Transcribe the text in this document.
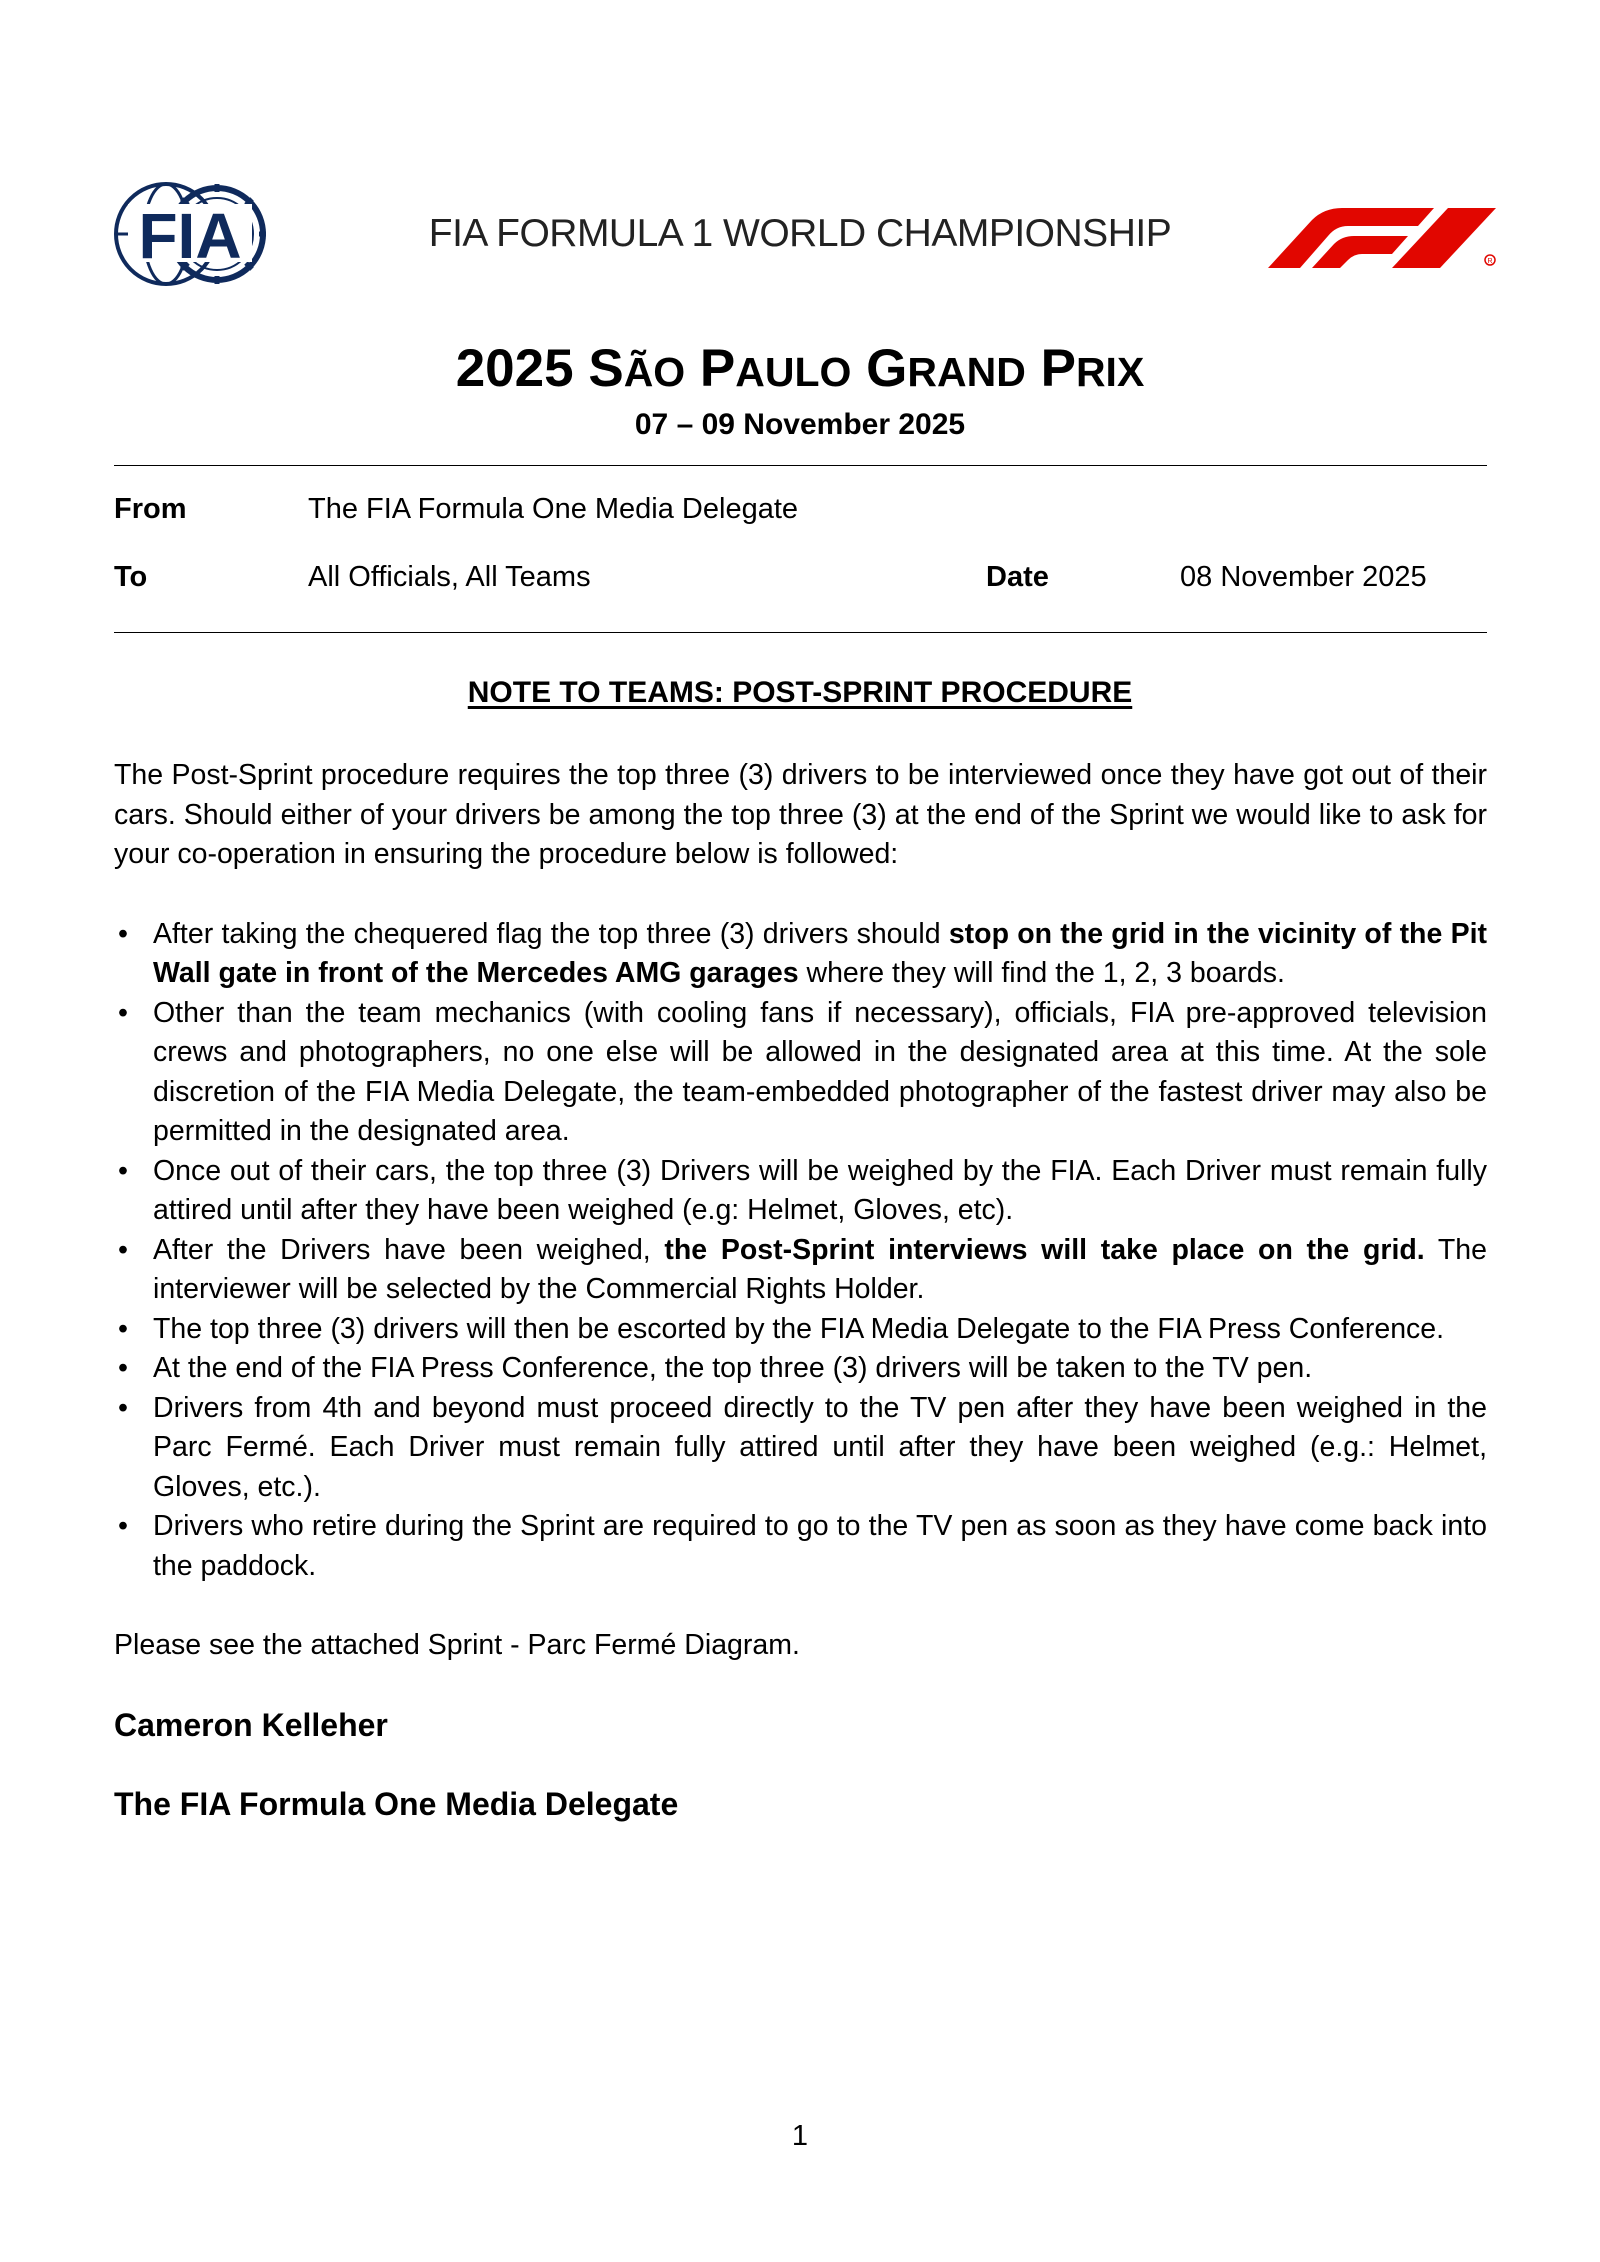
FIA	FIA FORMULA 1 WORLD CHAMPIONSHIP
R
2025 SÃO PAULO GRAND PRIX
07 – 09 November 2025
From	The FIA Formula One Media Delegate
To	All Officials, All Teams	Date	08 November 2025
NOTE TO TEAMS: POST-SPRINT PROCEDURE

The Post-Sprint procedure requires the top three (3) drivers to be interviewed once they have got out of their cars. Should either of your drivers be among the top three (3) at the end of the Sprint we would like to ask for your co-operation in ensuring the procedure below is followed:

• After taking the chequered flag the top three (3) drivers should stop on the grid in the vicinity of the Pit Wall gate in front of the Mercedes AMG garages where they will find the 1, 2, 3 boards.
• Other than the team mechanics (with cooling fans if necessary), officials, FIA pre-approved television crews and photographers, no one else will be allowed in the designated area at this time. At the sole discretion of the FIA Media Delegate, the team-embedded photographer of the fastest driver may also be permitted in the designated area.
• Once out of their cars, the top three (3) Drivers will be weighed by the FIA. Each Driver must remain fully attired until after they have been weighed (e.g: Helmet, Gloves, etc).
• After the Drivers have been weighed, the Post-Sprint interviews will take place on the grid. The interviewer will be selected by the Commercial Rights Holder.
• The top three (3) drivers will then be escorted by the FIA Media Delegate to the FIA Press Conference.
• At the end of the FIA Press Conference, the top three (3) drivers will be taken to the TV pen.
• Drivers from 4th and beyond must proceed directly to the TV pen after they have been weighed in the Parc Fermé. Each Driver must remain fully attired until after they have been weighed (e.g.: Helmet, Gloves, etc.).
• Drivers who retire during the Sprint are required to go to the TV pen as soon as they have come back into the paddock.

Please see the attached Sprint - Parc Fermé Diagram.

Cameron Kelleher
The FIA Formula One Media Delegate
1
